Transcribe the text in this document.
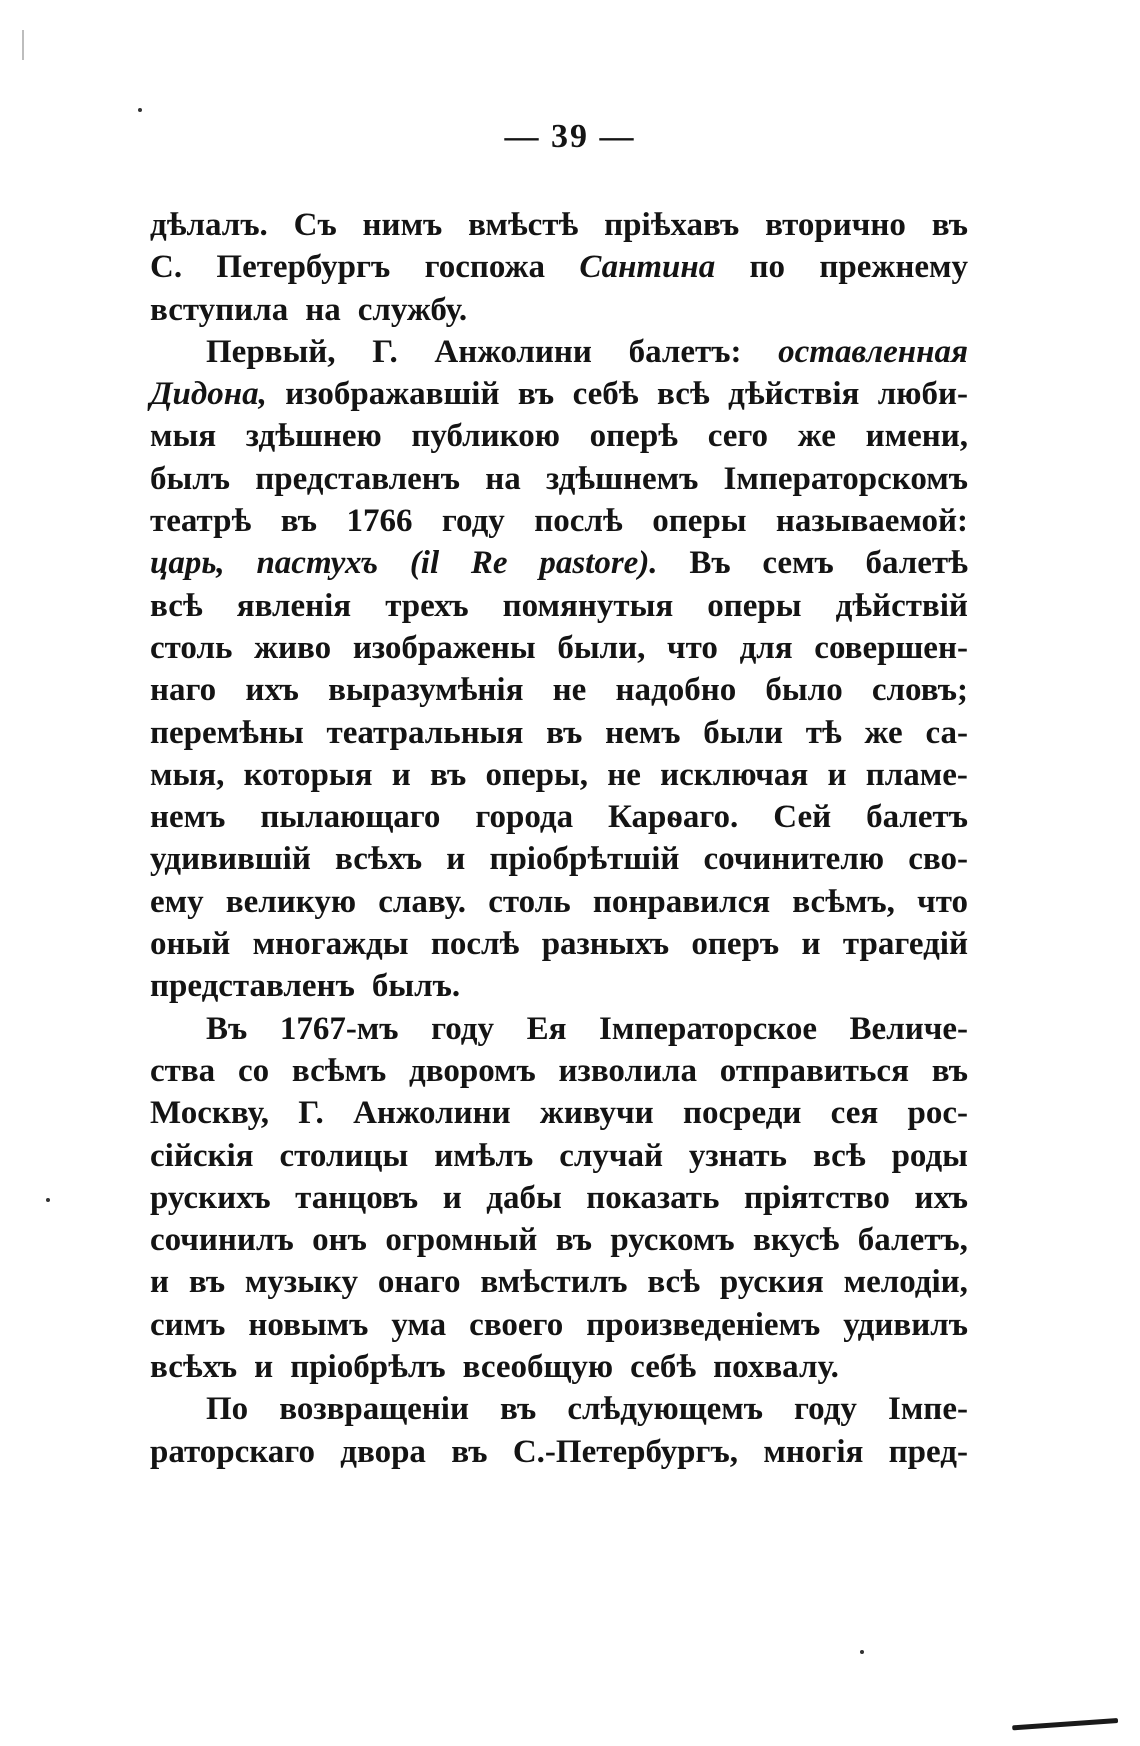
— 39 —
дѣлалъ. Съ нимъ вмѣстѣ пріѣхавъ вторично въ
С. Петербургъ госпожа Сантина по прежнему
вступила на службу.
Первый, Г. Анжолини балетъ: оставленная
Дидона, изображавшій въ себѣ всѣ дѣйствія люби-
мыя здѣшнею публикою оперѣ сего же имени,
былъ представленъ на здѣшнемъ Імператорскомъ
театрѣ въ 1766 году послѣ оперы называемой:
царь, пастухъ (il Re pastore). Въ семъ балетѣ
всѣ явленія трехъ помянутыя оперы дѣйствій
столь живо изображены были, что для совершен-
наго ихъ выразумѣнія не надобно было словъ;
перемѣны театральныя въ немъ были тѣ же са-
мыя, которыя и въ оперы, не исключая и пламе-
немъ пылающаго города Карѳаго. Сей балетъ
удивившій всѣхъ и пріобрѣтшій сочинителю сво-
ему великую славу. столь понравился всѣмъ, что
оный многажды послѣ разныхъ оперъ и трагедій
представленъ былъ.
Въ 1767-мъ году Ея Імператорское Величе-
ства со всѣмъ дворомъ изволила отправиться въ
Москву, Г. Анжолини живучи посреди сея рос-
сійскія столицы имѣлъ случай узнать всѣ роды
рускихъ танцовъ и дабы показать пріятство ихъ
сочинилъ онъ огромный въ рускомъ вкусѣ балетъ,
и въ музыку онаго вмѣстилъ всѣ руския мелодіи,
симъ новымъ ума своего произведеніемъ удивилъ
всѣхъ и пріобрѣлъ всеобщую себѣ похвалу.
По возвращеніи въ слѣдующемъ году Імпе-
раторскаго двора въ С.-Петербургъ, многія пред-
